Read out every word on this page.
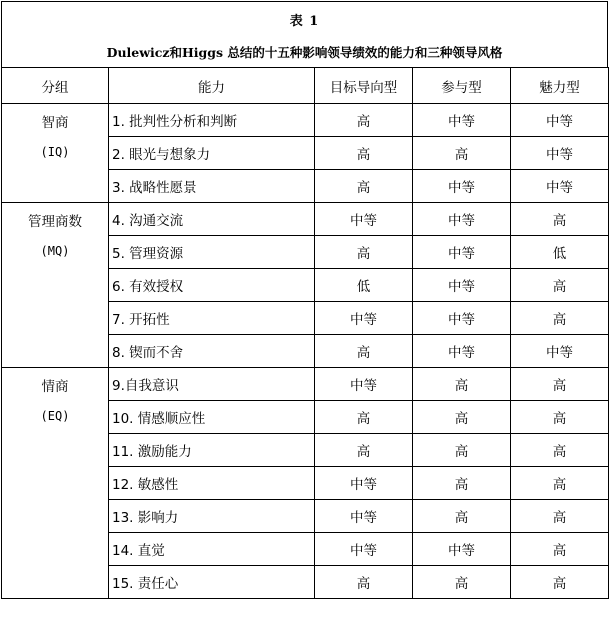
表 1
Dulewicz和Higgs 总结的十五种影响领导绩效的能力和三种领导风格
分组	能力	目标导向型	参与型	魅力型

智商
(IQ)	1. 批判性分析和判断	高	中等	中等
	2. 眼光与想象力	高	高	中等
	3. 战略性愿景	高	中等	中等

管理商数
(MQ)	4. 沟通交流	中等	中等	高
	5. 管理资源	高	中等	低
	6. 有效授权	低	中等	高
	7. 开拓性	中等	中等	高
	8. 锲而不舍	高	中等	中等

情商
(EQ)	9.自我意识	中等	高	高
	10. 情感顺应性	高	高	高
	11. 激励能力	高	高	高
	12. 敏感性	中等	高	高
	13. 影响力	中等	高	高
	14. 直觉	中等	中等	高
	15. 责任心	高	高	高
